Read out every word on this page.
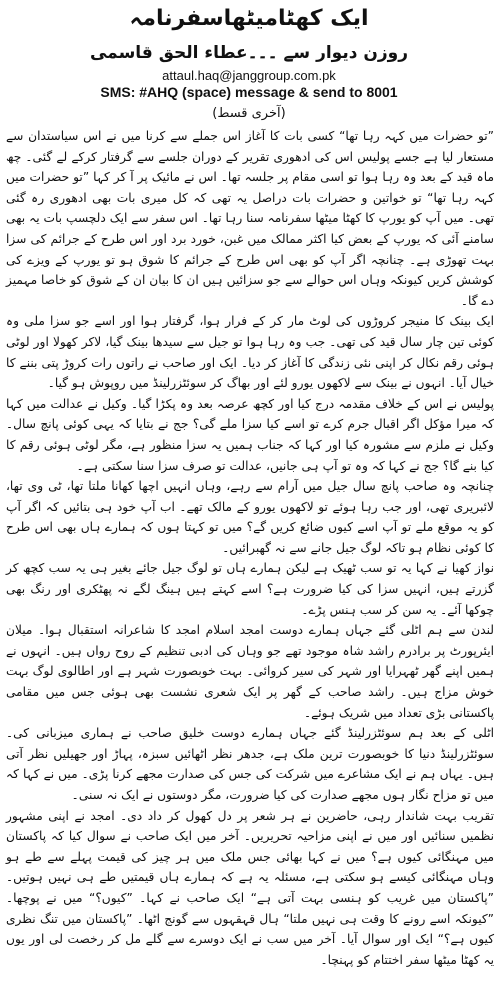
ایک کھٹامیٹھاسفرنامہ
روزن دیوار سے ۔۔۔عطاء الحق قاسمی
attaul.haq@janggroup.com.pk
SMS: #AHQ (space) message & send to 8001
(آخری قسط)

”تو حضرات میں کہہ رہا تھا“ کسی بات کا آغاز اس جملے سے کرنا میں نے اس سیاستدان سے مستعار لیا ہے جسے پولیس اس کی ادھوری تقریر کے دوران جلسے سے گرفتار کرکے لے گئی۔ چھ ماہ قید کے بعد وہ رہا ہوا تو اسی مقام پر جلسہ تھا۔ اس نے مائیک پر آ کر کہا ”تو حضرات میں کہہ رہا تھا“ تو خواتین و حضرات بات دراصل یہ تھی کہ کل میری بات بھی ادھوری رہ گئی تھی۔ میں آپ کو یورپ کا کھٹا میٹھا سفرنامہ سنا رہا تھا۔ اس سفر سے ایک دلچسپ بات یہ بھی سامنے آئی کہ یورپ کے بعض کیا اکثر ممالک میں غبن، خورد برد اور اس طرح کے جرائم کی سزا بہت تھوڑی ہے۔ چنانچہ اگر آپ کو بھی اس طرح کے جرائم کا شوق ہو تو یورپ کے ویزے کی کوشش کریں کیونکہ وہاں اس حوالے سے جو سزائیں ہیں ان کا بیان ان کے شوق کو خاصا مہمیز دے گا۔

ایک بینک کا منیجر کروڑوں کی لوٹ مار کر کے فرار ہوا، گرفتار ہوا اور اسے جو سزا ملی وہ کوئی تین چار سال قید کی تھی۔ جب وہ رہا ہوا تو جیل سے سیدھا بینک گیا، لاکر کھولا اور لوٹی ہوئی رقم نکال کر اپنی نئی زندگی کا آغاز کر دیا۔ ایک اور صاحب نے راتوں رات کروڑ پتی بننے کا خیال آیا۔ انہوں نے بینک سے لاکھوں یورو لئے اور بھاگ کر سوئٹزرلینڈ میں روپوش ہو گیا۔

پولیس نے اس کے خلاف مقدمہ درج کیا اور کچھ عرصہ بعد وہ پکڑا گیا۔ وکیل نے عدالت میں کہا کہ میرا مؤکل اگر اقبال جرم کرے تو اسے کیا سزا ملے گی؟ جج نے بتایا کہ یہی کوئی پانچ سال۔ وکیل نے ملزم سے مشورہ کیا اور کہا کہ جناب ہمیں یہ سزا منظور ہے، مگر لوٹی ہوئی رقم کا کیا بنے گا؟ جج نے کہا کہ وہ تو آپ ہی جانیں، عدالت تو صرف سزا سنا سکتی ہے۔

چنانچہ وہ صاحب پانچ سال جیل میں آرام سے رہے، وہاں انہیں اچھا کھانا ملتا تھا، ٹی وی تھا، لائبریری تھی، اور جب رہا ہوئے تو لاکھوں یورو کے مالک تھے۔ اب آپ خود ہی بتائیں کہ اگر آپ کو یہ موقع ملے تو آپ اسے کیوں ضائع کریں گے؟ میں تو کہتا ہوں کہ ہمارے ہاں بھی اس طرح کا کوئی نظام ہو تاکہ لوگ جیل جانے سے نہ گھبرائیں۔

نواز کھیا نے کہا یہ تو سب ٹھیک ہے لیکن ہمارے ہاں تو لوگ جیل جائے بغیر ہی یہ سب کچھ کر گزرتے ہیں، انہیں سزا کی کیا ضرورت ہے؟ اسے کہتے ہیں ہینگ لگے نہ پھٹکری اور رنگ بھی چوکھا آئے۔ یہ سن کر سب ہنس پڑے۔

لندن سے ہم اٹلی گئے جہاں ہمارے دوست امجد اسلام امجد کا شاعرانہ استقبال ہوا۔ میلان ایئرپورٹ پر برادرم راشد شاہ موجود تھے جو وہاں کی ادبی تنظیم کے روح رواں ہیں۔ انہوں نے ہمیں اپنے گھر ٹھہرایا اور شہر کی سیر کروائی۔ بہت خوبصورت شہر ہے اور اطالوی لوگ بہت خوش مزاج ہیں۔ راشد صاحب کے گھر پر ایک شعری نشست بھی ہوئی جس میں مقامی پاکستانی بڑی تعداد میں شریک ہوئے۔

اٹلی کے بعد ہم سوئٹزرلینڈ گئے جہاں ہمارے دوست خلیق صاحب نے ہماری میزبانی کی۔ سوئٹزرلینڈ دنیا کا خوبصورت ترین ملک ہے، جدھر نظر اٹھائیں سبزہ، پہاڑ اور جھیلیں نظر آتی ہیں۔ یہاں ہم نے ایک مشاعرے میں شرکت کی جس کی صدارت مجھے کرنا پڑی۔ میں نے کہا کہ میں تو مزاح نگار ہوں مجھے صدارت کی کیا ضرورت، مگر دوستوں نے ایک نہ سنی۔

تقریب بہت شاندار رہی، حاضرین نے ہر شعر پر دل کھول کر داد دی۔ امجد نے اپنی مشہور نظمیں سنائیں اور میں نے اپنی مزاحیہ تحریریں۔ آخر میں ایک صاحب نے سوال کیا کہ پاکستان میں مہنگائی کیوں ہے؟ میں نے کہا بھائی جس ملک میں ہر چیز کی قیمت پہلے سے طے ہو وہاں مہنگائی کیسے ہو سکتی ہے، مسئلہ یہ ہے کہ ہمارے ہاں قیمتیں طے ہی نہیں ہوتیں۔ ”پاکستان میں غریب کو ہنسی بہت آتی ہے“ ایک صاحب نے کہا۔ ”کیوں؟“ میں نے پوچھا۔ ”کیونکہ اسے رونے کا وقت ہی نہیں ملتا“ ہال قہقہوں سے گونج اٹھا۔ ”پاکستان میں تنگ نظری کیوں ہے؟“ ایک اور سوال آیا۔ آخر میں سب نے ایک دوسرے سے گلے مل کر رخصت لی اور یوں یہ کھٹا میٹھا سفر اختتام کو پہنچا۔
